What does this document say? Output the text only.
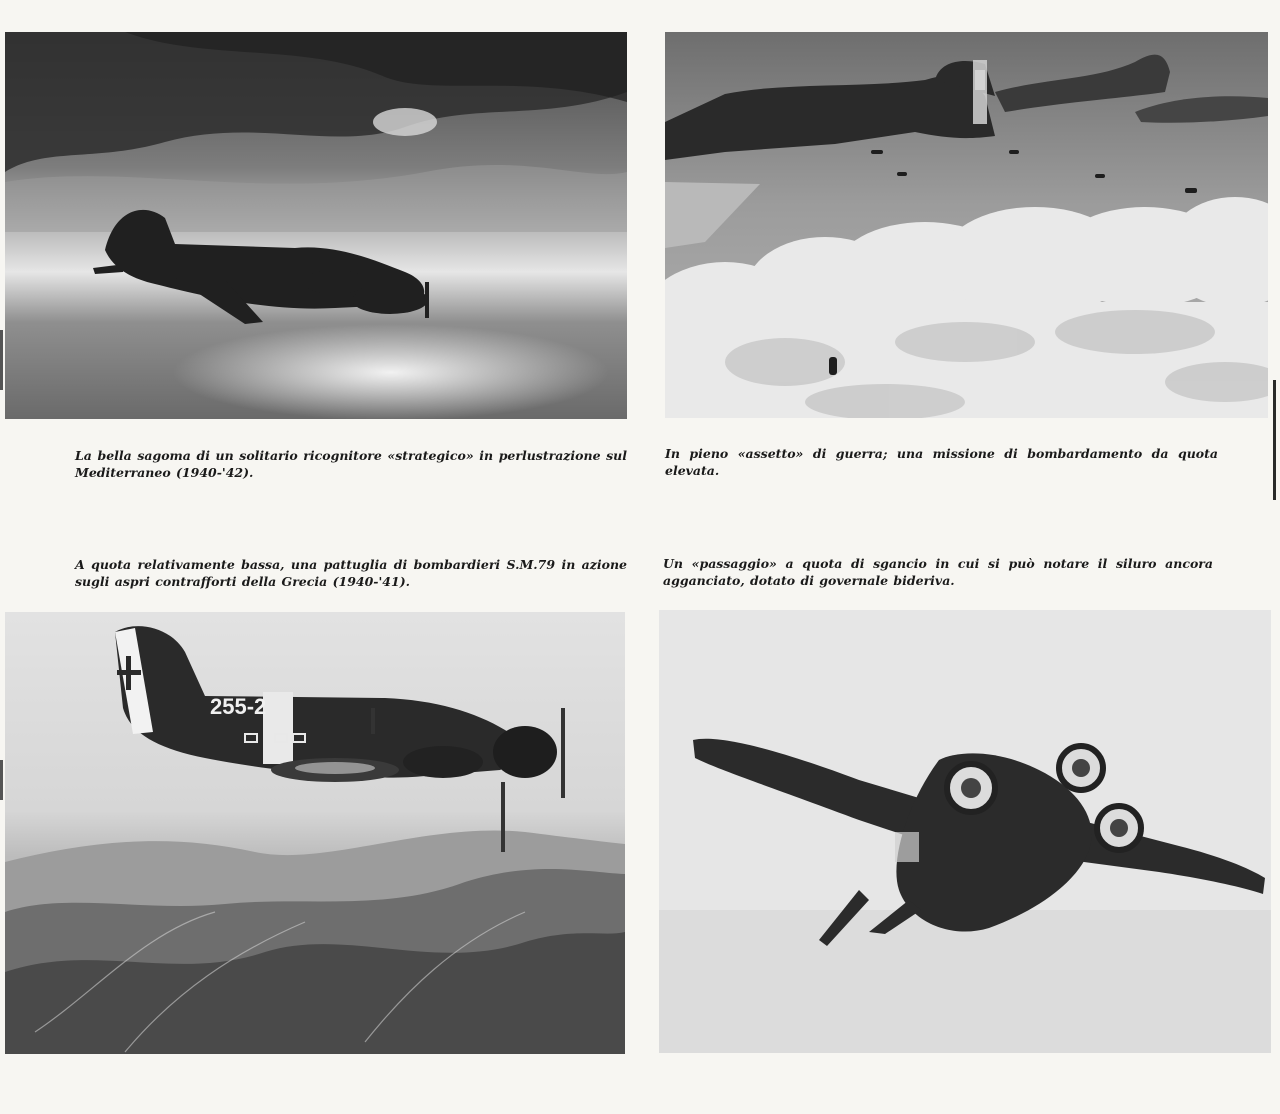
255-2

La bella sagoma di un solitario ricognitore «strategico» in perlustrazione sul Mediterraneo (1940-'42).

In pieno «assetto» di guerra; una missione di bombardamento da quota elevata.

A quota relativamente bassa, una pattuglia di bombardieri S.M.79 in azione sugli aspri contrafforti della Grecia (1940-'41).

Un «passaggio» a quota di sgancio in cui si può notare il siluro ancora agganciato, dotato di governale bideriva.
